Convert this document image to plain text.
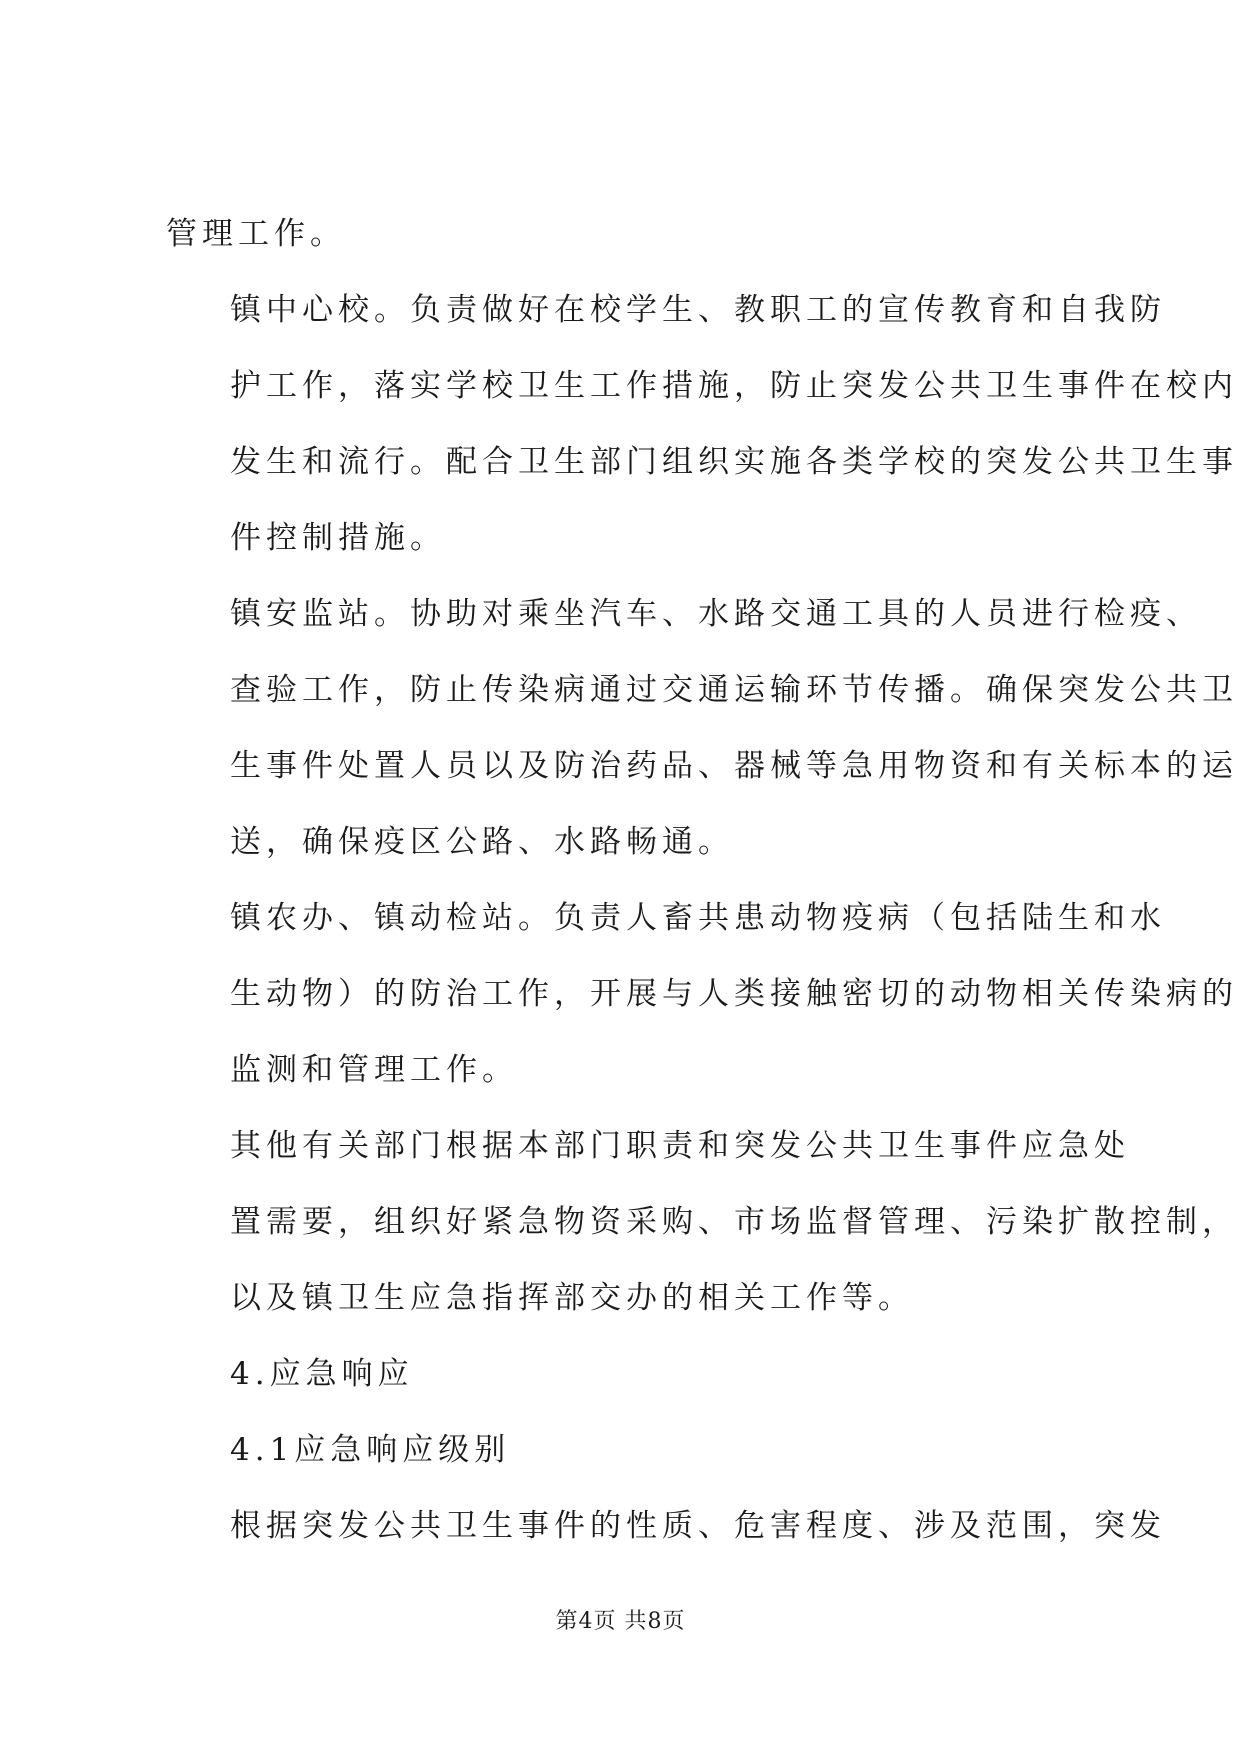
管理工作。

镇中心校。负责做好在校学生、教职工的宣传教育和自我防
护工作，落实学校卫生工作措施，防止突发公共卫生事件在校内
发生和流行。配合卫生部门组织实施各类学校的突发公共卫生事
件控制措施。

镇安监站。协助对乘坐汽车、水路交通工具的人员进行检疫、
查验工作，防止传染病通过交通运输环节传播。确保突发公共卫
生事件处置人员以及防治药品、器械等急用物资和有关标本的运
送，确保疫区公路、水路畅通。

镇农办、镇动检站。负责人畜共患动物疫病（包括陆生和水
生动物）的防治工作，开展与人类接触密切的动物相关传染病的
监测和管理工作。

其他有关部门根据本部门职责和突发公共卫生事件应急处
置需要，组织好紧急物资采购、市场监督管理、污染扩散控制，
以及镇卫生应急指挥部交办的相关工作等。

4.应急响应

4.1应急响应级别

根据突发公共卫生事件的性质、危害程度、涉及范围，突发

第4页 共8页
